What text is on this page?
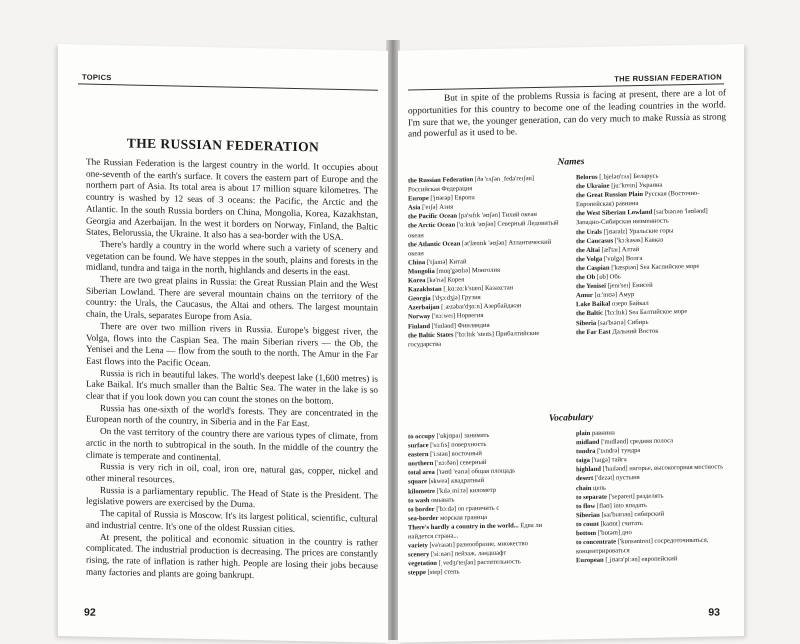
TOPICS
THE RUSSIAN FEDERATION

The Russian Federation is the largest country in the world. It occupies about one-seventh of the earth's surface. It covers the eastern part of Europe and the northern part of Asia. Its total area is about 17 million square kilometres. The country is washed by 12 seas of 3 oceans: the Pacific, the Arctic and the Atlantic. In the south Russia borders on China, Mongolia, Korea, Kazakhstan, Georgia and Azerbaijan. In the west it borders on Norway, Finland, the Baltic States, Belorussia, the Ukraine. It also has a sea-border with the USA.

There's hardly a country in the world where such a variety of scenery and vegetation can be found. We have steppes in the south, plains and forests in the midland, tundra and taiga in the north, highlands and deserts in the east.

There are two great plains in Russia: the Great Russian Plain and the West Siberian Lowland. There are several mountain chains on the territory of the country: the Urals, the Caucasus, the Altai and others. The largest mountain chain, the Urals, separates Europe from Asia.

There are over two million rivers in Russia. Europe's biggest river, the Volga, flows into the Caspian Sea. The main Siberian rivers — the Ob, the Yenisei and the Lena — flow from the south to the north. The Amur in the Far East flows into the Pacific Ocean.

Russia is rich in beautiful lakes. The world's deepest lake (1,600 metres) is Lake Baikal. It's much smaller than the Baltic Sea. The water in the lake is so clear that if you look down you can count the stones on the bottom.

Russia has one-sixth of the world's forests. They are concentrated in the European north of the country, in Siberia and in the Far East.

On the vast territory of the country there are various types of climate, from arctic in the north to subtropical in the south. In the middle of the country the climate is temperate and continental.

Russia is very rich in oil, coal, iron ore, natural gas, copper, nickel and other mineral resources.

Russia is a parliamentary republic. The Head of State is the President. The legislative powers are exercised by the Duma.

The capital of Russia is Moscow. It's its largest political, scientific, cultural and industrial centre. It's one of the oldest Russian cities.

At present, the political and economic situation in the country is rather complicated. The industrial production is decreasing. The prices are constantly rising, the rate of inflation is rather high. People are losing their jobs because many factories and plants are going bankrupt.

92
THE RUSSIAN FEDERATION

But in spite of the problems Russia is facing at present, there are a lot of opportunities for this country to become one of the leading countries in the world. I'm sure that we, the younger generation, can do very much to make Russia as strong and powerful as it used to be.

Names

the Russian Federation [ðə 'rʌʃən ˌfedə'reɪʃən] Российская Федерация

Europe ['jʊərəp] Европа

Asia ['eɪʃə] Азия

the Pacific Ocean [pə'sɪfɪk 'əʊʃən] Тихий океан

the Arctic Ocean ['ɑːktɪk 'əʊʃən] Северный Ледовитый океан

the Atlantic Ocean [ət'læntɪk 'əʊʃən] Атлантический океан

China ['tʃaɪnə] Китай

Mongolia [mɒŋ'gəʊlɪə] Монголия

Korea [kə'rɪə] Корея

Kazakhstan [ˌkɑːzɑːk'stæn] Казахстан

Georgia ['dʒɔːdʒjə] Грузия

Azerbaijan [ˌæzəbaɪ'dʒɑːn] Азербайджан

Norway ['nɔːweɪ] Норвегия

Finland ['fɪnlənd] Финляндия

the Baltic States ['bɔːltɪk 'steɪts] Прибалтийские государства

Belorus [ˌbjeləʊ'rʌs] Беларусь

the Ukraine [juː'kreɪn] Украина

the Great Russian Plain Русская (Восточно-Европейская) равнина

the West Siberian Lowland [saɪ'bɪərɪən 'ləʊlənd] Западно-Сибирская низменность

the Urals ['jʊərəlz] Уральские горы

the Caucasus ['kɔːkəsəs] Кавказ

the Altai [æl'taɪ] Алтай

the Volga ['vɒlgə] Волга

the Caspian ['kæspɪən] Sea Каспийское море

the Ob [ɒb] Обь

the Yenisei [jenɪ'seɪ] Енисей

Amur [ɑː'mʊə] Амур

Lake Baikal озеро Байкал

the Baltic ['bɔːltɪk] Sea Балтийское море

Siberia [saɪ'bɪərɪə] Сибирь

the Far East Дальний Восток

Vocabulary

to occupy ['ɒkjʊpaɪ] занимать

surface ['sɜːfɪs] поверхность

eastern ['iːstən] восточный

northern ['nɔːðən] северный

total area ['təʊtl 'eərɪə] общая площадь

square [skweə] квадратный

kilometre ['kɪləˌmiːtə] километр

to wash омывать

to border ['bɔːdə] on граничить с

sea-border морская граница

There's hardly a country in the world... Едва ли найдется страна...

variety [və'raɪətɪ] разнообразие, множество

scenery ['siːnərɪ] пейзаж, ландшафт

vegetation [ˌvedʒɪ'teɪʃən] растительность

steppe [step] степь

plain равнина

midland ['mɪdlənd] средняя полоса

tundra ['tʌndrə] тундра

taiga ['taɪgə] тайга

highland ['haɪlənd] нагорье, высокогорная местность

desert ['dezət] пустыня

chain цепь

to separate ['sepəreɪt] разделять

to flow [fləʊ] into впадать

Siberian [saɪ'bɪərɪən] сибирский

to count [kaʊnt] считать

bottom ['bɒtəm] дно

to concentrate ['kɒnsəntreɪt] сосредоточиваться, концентрироваться

European [ˌjʊərə'piːən] европейский

93
